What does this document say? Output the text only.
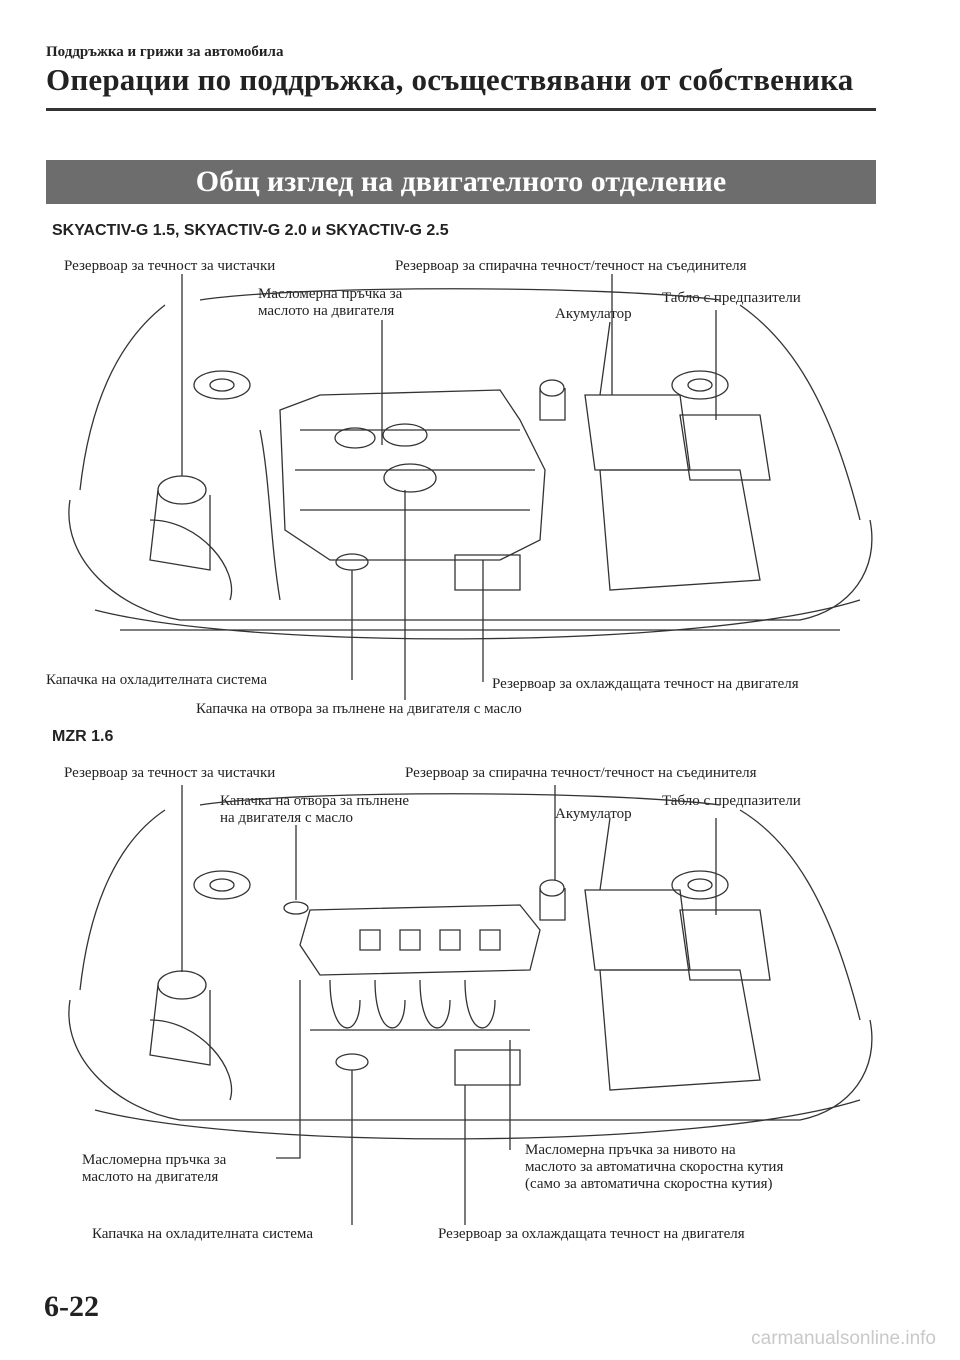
Поддръжка и грижи за автомобила
Операции по поддръжка, осъществявани от собственика
Общ изглед на двигателното отделение
SKYACTIV-G 1.5, SKYACTIV-G 2.0 и SKYACTIV-G 2.5
Резервоар за течност за чистачки	Резервоар за спирачна течност/течност на съединителя
Масломерна пръчка за
маслото на двигателя	Акумулатор
Табло с предпазители
Капачка на охладителната система	Резервоар за охлаждащата течност на двигателя
Капачка на отвора за пълнене на двигателя с масло
MZR 1.6
Резервоар за течност за чистачки	Резервоар за спирачна течност/течност на съединителя
Капачка на отвора за пълнене
на двигателя с масло	Акумулатор
Табло с предпазители
Масломерна пръчка за
маслото на двигателя
Масломерна пръчка за нивото на
маслото за автоматична скоростна кутия
(само за автоматична скоростна кутия)
Капачка на охладителната система	Резервоар за охлаждащата течност на двигателя
6-22
carmanualsonline.info
